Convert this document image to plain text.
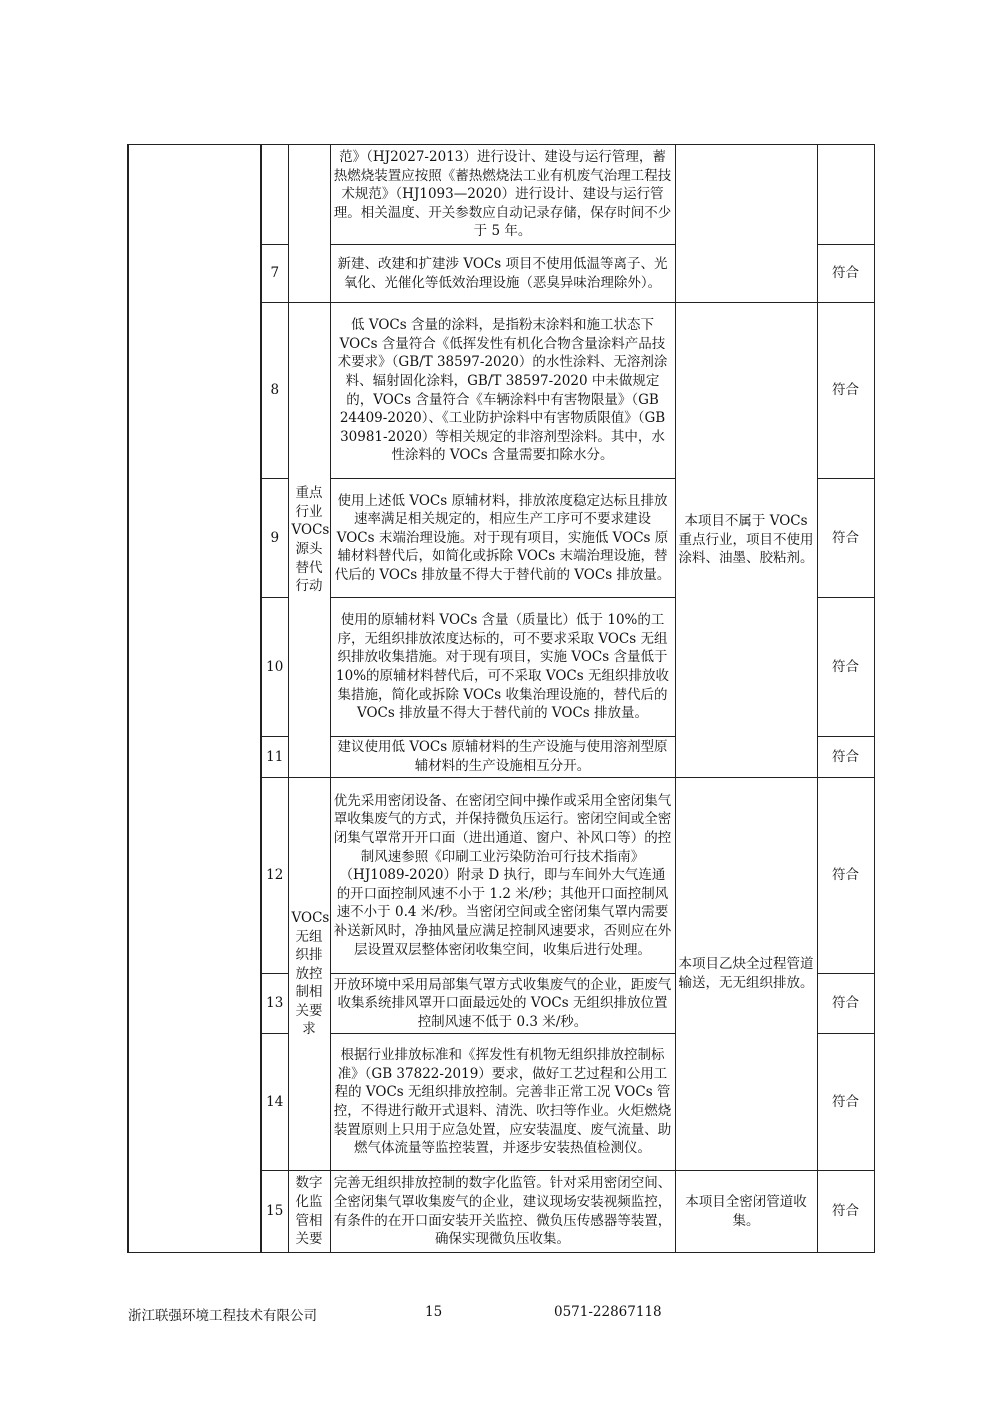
			范》（HJ2027-2013）进行设计、建设与运行管理，蓄热燃烧装置应按照《蓄热燃烧法工业有机废气治理工程技术规范》（HJ1093—2020）进行设计、建设与运行管理。相关温度、开关参数应自动记录存储，保存时间不少于 5 年。		
	7		新建、改建和扩建涉 VOCs 项目不使用低温等离子、光氧化、光催化等低效治理设施（恶臭异味治理除外）。		符合
	8	重点行业VOCs源头替代行动	低 VOCs 含量的涂料，是指粉末涂料和施工状态下 VOCs 含量符合《低挥发性有机化合物含量涂料产品技术要求》（GB/T 38597-2020）的水性涂料、无溶剂涂料、辐射固化涂料，GB/T 38597-2020 中未做规定的，VOCs 含量符合《车辆涂料中有害物限量》（GB 24409-2020）、《工业防护涂料中有害物质限值》（GB 30981-2020）等相关规定的非溶剂型涂料。其中，水性涂料的 VOCs 含量需要扣除水分。	本项目不属于 VOCs 重点行业，项目不使用涂料、油墨、胶粘剂。	符合
	9		使用上述低 VOCs 原辅材料，排放浓度稳定达标且排放速率满足相关规定的，相应生产工序可不要求建设 VOCs 末端治理设施。对于现有项目，实施低 VOCs 原辅材料替代后，如简化或拆除 VOCs 末端治理设施，替代后的 VOCs 排放量不得大于替代前的 VOCs 排放量。		符合
	10		使用的原辅材料 VOCs 含量（质量比）低于 10%的工序，无组织排放浓度达标的，可不要求采取 VOCs 无组织排放收集措施。对于现有项目，实施 VOCs 含量低于 10%的原辅材料替代后，可不采取 VOCs 无组织排放收集措施，简化或拆除 VOCs 收集治理设施的，替代后的 VOCs 排放量不得大于替代前的 VOCs 排放量。		符合
	11		建议使用低 VOCs 原辅材料的生产设施与使用溶剂型原辅材料的生产设施相互分开。		符合
	12	VOCs无组织排放控制相关要求	优先采用密闭设备、在密闭空间中操作或采用全密闭集气罩收集废气的方式，并保持微负压运行。密闭空间或全密闭集气罩常开开口面（进出通道、窗户、补风口等）的控制风速参照《印刷工业污染防治可行技术指南》（HJ1089-2020）附录 D 执行，即与车间外大气连通的开口面控制风速不小于 1.2 米/秒；其他开口面控制风速不小于 0.4 米/秒。当密闭空间或全密闭集气罩内需要补送新风时，净抽风量应满足控制风速要求，否则应在外层设置双层整体密闭收集空间，收集后进行处理。	本项目乙炔全过程管道输送，无无组织排放。	符合
	13		开放环境中采用局部集气罩方式收集废气的企业，距废气收集系统排风罩开口面最远处的 VOCs 无组织排放位置控制风速不低于 0.3 米/秒。		符合
	14		根据行业排放标准和《挥发性有机物无组织排放控制标准》（GB 37822-2019）要求，做好工艺过程和公用工程的 VOCs 无组织排放控制。完善非正常工况 VOCs 管控，不得进行敞开式退料、清洗、吹扫等作业。火炬燃烧装置原则上只用于应急处置，应安装温度、废气流量、助燃气体流量等监控装置，并逐步安装热值检测仪。		符合
	15	数字化监管相关要	完善无组织排放控制的数字化监管。针对采用密闭空间、全密闭集气罩收集废气的企业，建议现场安装视频监控，有条件的在开口面安装开关监控、微负压传感器等装置，确保实现微负压收集。	本项目全密闭管道收集。	符合
浙江联强环境工程技术有限公司	15	0571-22867118
